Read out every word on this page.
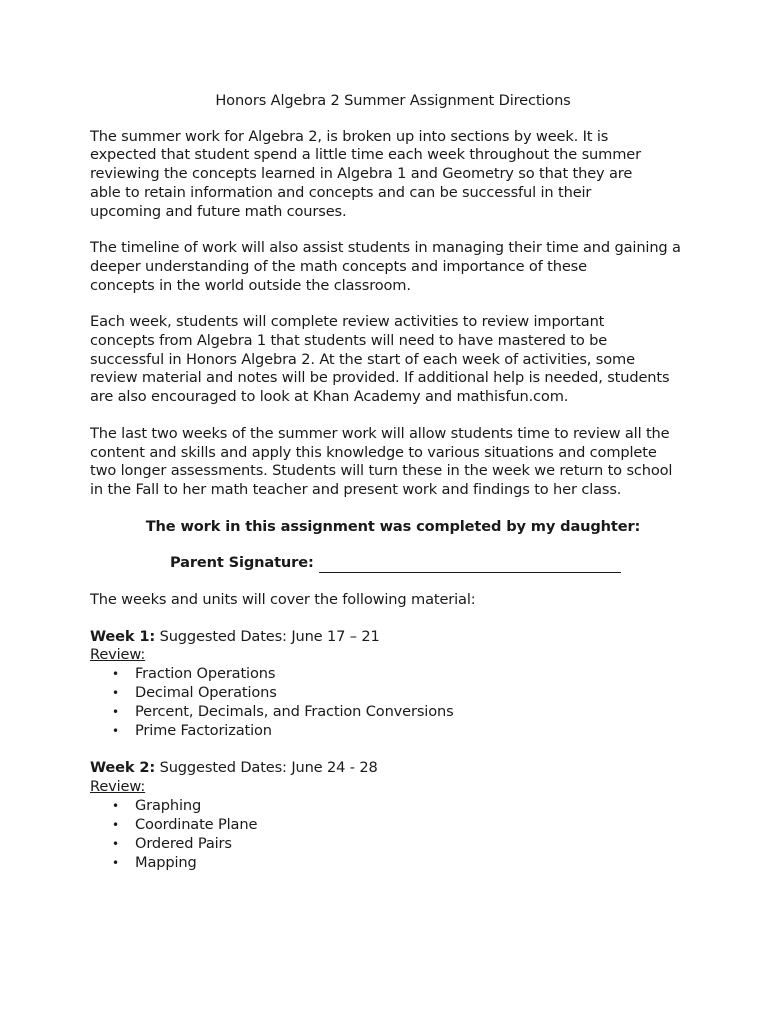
Honors Algebra 2 Summer Assignment Directions

The summer work for Algebra 2, is broken up into sections by week. It is
expected that student spend a little time each week throughout the summer
reviewing the concepts learned in Algebra 1 and Geometry so that they are
able to retain information and concepts and can be successful in their
upcoming and future math courses.

The timeline of work will also assist students in managing their time and gaining a
deeper understanding of the math concepts and importance of these
concepts in the world outside the classroom.

Each week, students will complete review activities to review important
concepts from Algebra 1 that students will need to have mastered to be
successful in Honors Algebra 2. At the start of each week of activities, some
review material and notes will be provided. If additional help is needed, students
are also encouraged to look at Khan Academy and mathisfun.com.

The last two weeks of the summer work will allow students time to review all the
content and skills and apply this knowledge to various situations and complete
two longer assessments. Students will turn these in the week we return to school
in the Fall to her math teacher and present work and findings to her class.

The work in this assignment was completed by my daughter:
Parent Signature:

The weeks and units will cover the following material:

Week 1: Suggested Dates: June 17 – 21
Review:
• Fraction Operations
• Decimal Operations
• Percent, Decimals, and Fraction Conversions
• Prime Factorization
Week 2: Suggested Dates: June 24 - 28
Review:
• Graphing
• Coordinate Plane
• Ordered Pairs
• Mapping
